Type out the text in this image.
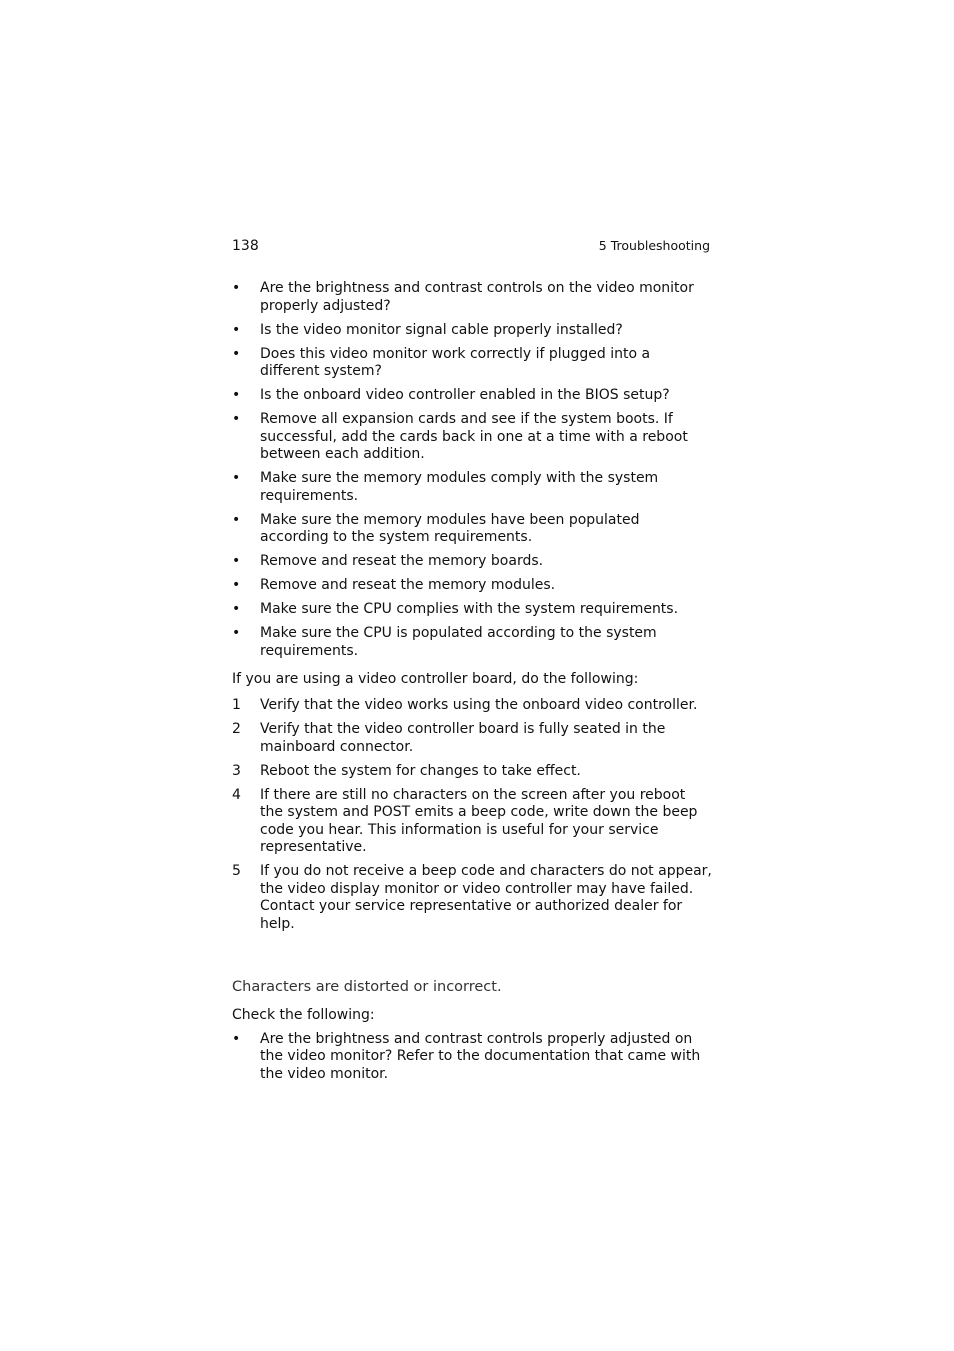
138	5 Troubleshooting
•	Are the brightness and contrast controls on the video monitor properly adjusted?
•	Is the video monitor signal cable properly installed?
•	Does this video monitor work correctly if plugged into a different system?
•	Is the onboard video controller enabled in the BIOS setup?
•	Remove all expansion cards and see if the system boots. If successful, add the cards back in one at a time with a reboot between each addition.
•	Make sure the memory modules comply with the system requirements.
•	Make sure the memory modules have been populated according to the system requirements.
•	Remove and reseat the memory boards.
•	Remove and reseat the memory modules.
•	Make sure the CPU complies with the system requirements.
•	Make sure the CPU is populated according to the system requirements.

If you are using a video controller board, do the following:

1	Verify that the video works using the onboard video controller.
2	Verify that the video controller board is fully seated in the mainboard connector.
3	Reboot the system for changes to take effect.
4	If there are still no characters on the screen after you reboot the system and POST emits a beep code, write down the beep code you hear. This information is useful for your service representative.
5	If you do not receive a beep code and characters do not appear, the video display monitor or video controller may have failed. Contact your service representative or authorized dealer for help.
Characters are distorted or incorrect.

Check the following:

•	Are the brightness and contrast controls properly adjusted on the video monitor? Refer to the documentation that came with the video monitor.
